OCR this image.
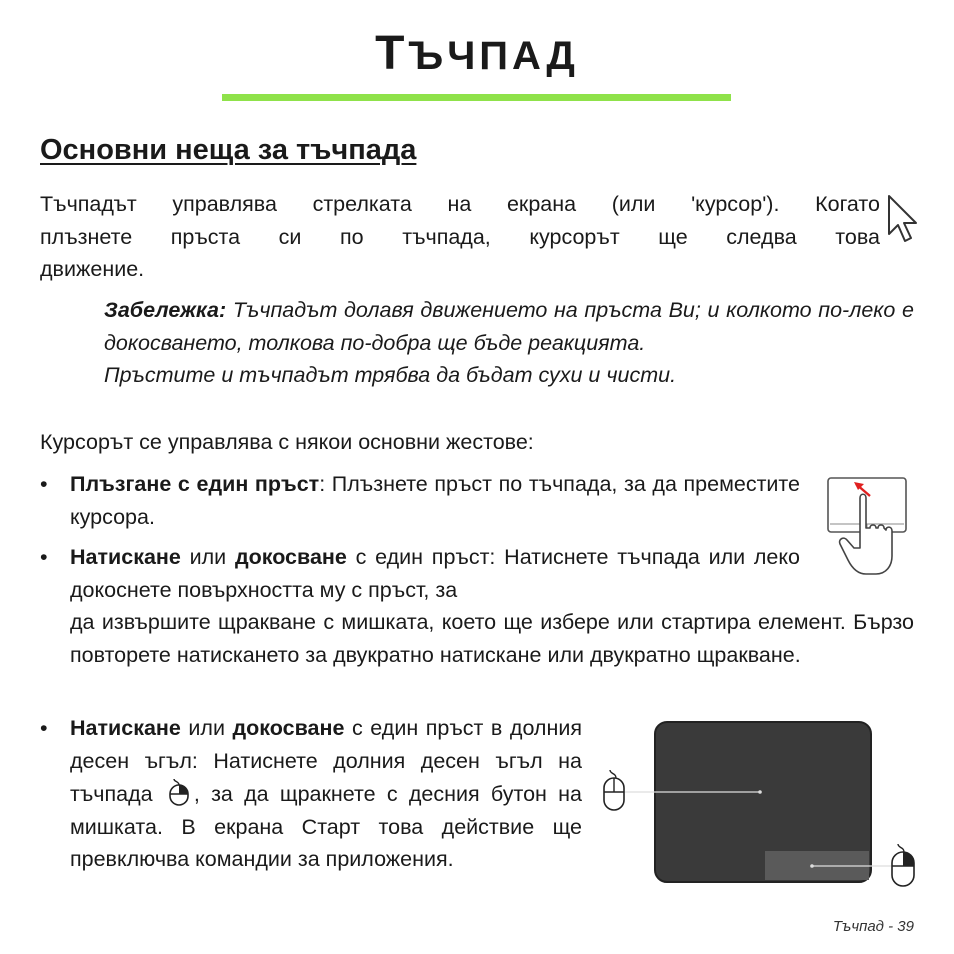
ТЪЧПАД
Основни неща за тъчпада
Тъчпадът управлява стрелката на екрана (или 'курсор'). Когато
плъзнете пръста си по тъчпада, курсорът ще следва това
движение.
Забележка: Тъчпадът долавя движението на пръста Ви; и колкото по-леко е докосването, толкова по-добра ще бъде реакцията.
Пръстите и тъчпадът трябва да бъдат сухи и чисти.
Курсорът се управлява с някои основни жестове:
• Плъзгане с един пръст: Плъзнете пръст по тъчпада, за да преместите курсора.
• Натискане или докосване с един пръст: Натиснете тъчпада или леко докоснете повърхността му с пръст, за
да извършите щракване с мишката, което ще избере или стартира елемент. Бързо повторете натискането за двукратно натискане или двукратно щракване.
• Натискане или докосване с един пръст в долния десен ъгъл: Натиснете долния десен ъгъл на тъчпада , за да щракнете с десния бутон на мишката. В екрана Старт това действие ще превключва командии за приложения.
Тъчпад - 39
